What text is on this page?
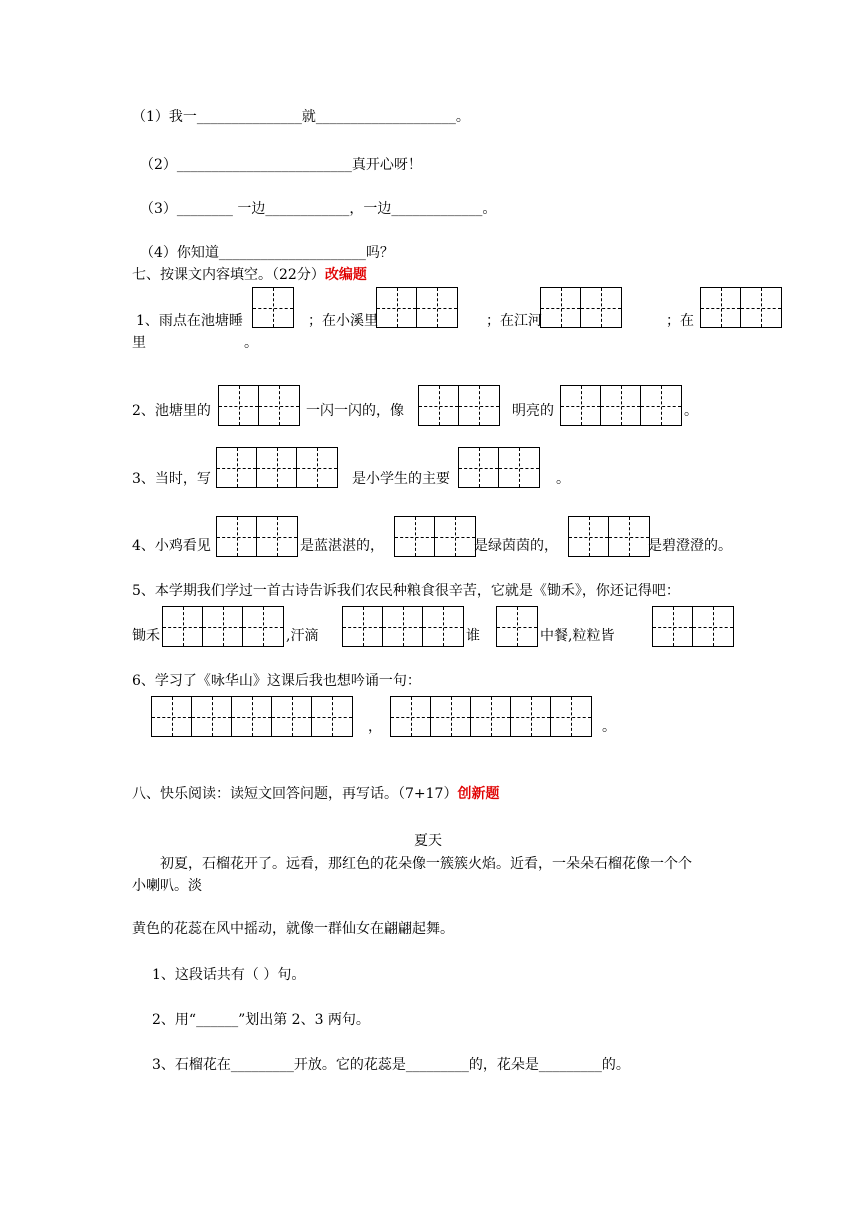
（1）我一_______________就____________________。
（2）_________________________真开心呀！
（3）________ 一边____________，一边_____________。
（4）你知道_____________________吗？
七、按课文内容填空。（22分）改编题
1、雨点在池塘睡	；在小溪里	；在江河	；在
里	。
2、池塘里的	一闪一闪的，像	明亮的	。
3、当时，写	是小学生的主要	。
4、小鸡看见	是蓝湛湛的，	是绿茵茵的，	是碧澄澄的。
5、本学期我们学过一首古诗告诉我们农民种粮食很辛苦，它就是《锄禾》，你还记得吧：
锄禾	,汗滴	谁	中餐,粒粒皆
6、学习了《咏华山》这课后我也想吟诵一句：
，	。
八、快乐阅读：读短文回答问题，再写话。（7+17）创新题
夏天
初夏，石榴花开了。远看，那红色的花朵像一簇簇火焰。近看，一朵朵石榴花像一个个
小喇叭。淡
黄色的花蕊在风中摇动，就像一群仙女在翩翩起舞。
1、这段话共有（ ）句。
2、用“______”划出第 2、3 两句。
3、石榴花在_________开放。它的花蕊是_________的，花朵是_________的。
